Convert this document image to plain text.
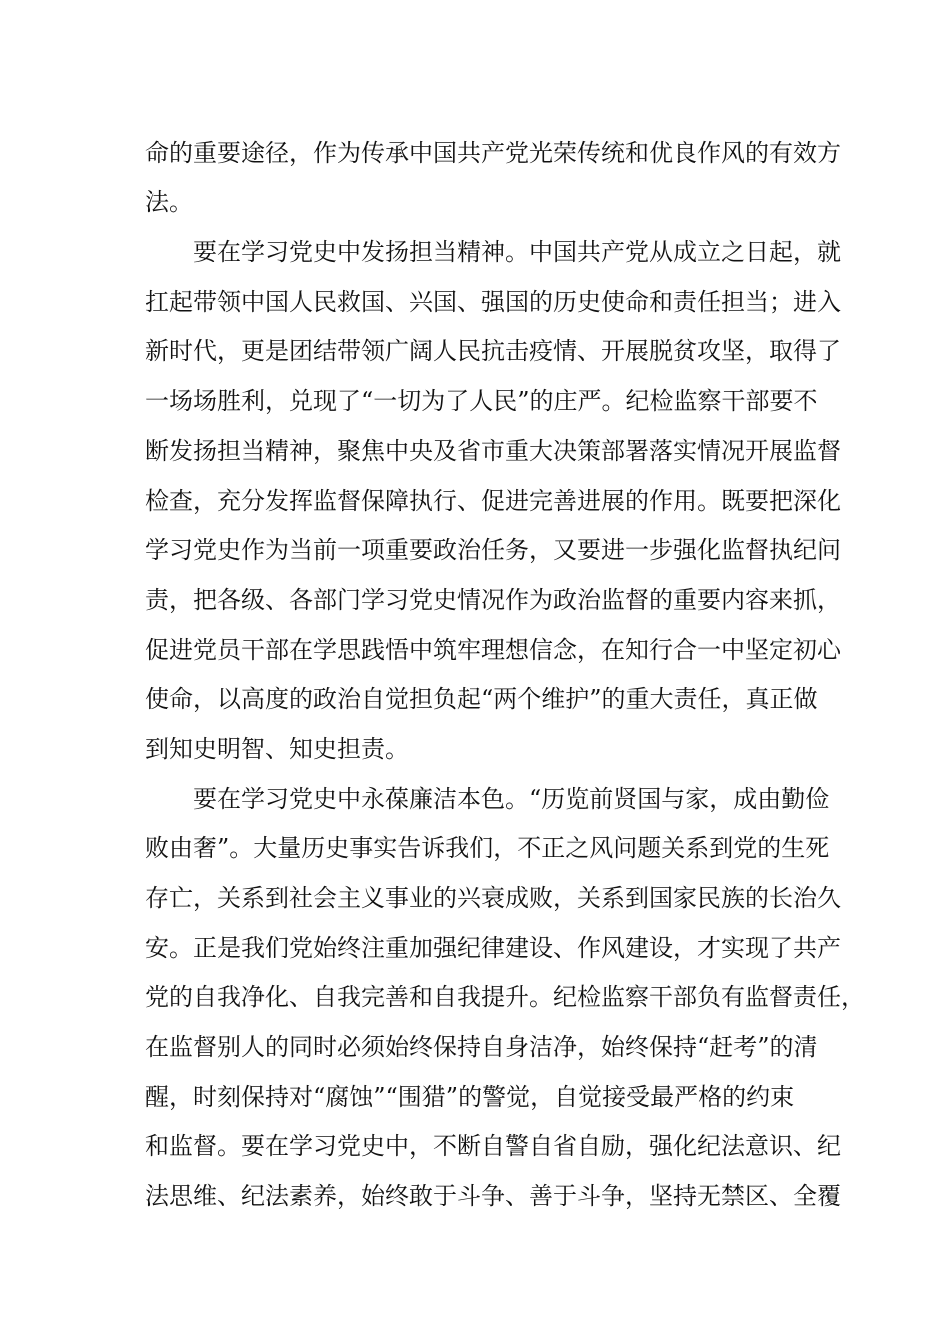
命的重要途径，作为传承中国共产党光荣传统和优良作风的有效方

法。

要在学习党史中发扬担当精神。中国共产党从成立之日起，就

扛起带领中国人民救国、兴国、强国的历史使命和责任担当；进入

新时代，更是团结带领广阔人民抗击疫情、开展脱贫攻坚，取得了

一场场胜利，兑现了“一切为了人民”的庄严。纪检监察干部要不

断发扬担当精神，聚焦中央及省市重大决策部署落实情况开展监督

检查，充分发挥监督保障执行、促进完善进展的作用。既要把深化

学习党史作为当前一项重要政治任务，又要进一步强化监督执纪问

责，把各级、各部门学习党史情况作为政治监督的重要内容来抓，

促进党员干部在学思践悟中筑牢理想信念，在知行合一中坚定初心

使命，以高度的政治自觉担负起“两个维护”的重大责任，真正做

到知史明智、知史担责。

要在学习党史中永葆廉洁本色。“历览前贤国与家，成由勤俭

败由奢”。大量历史事实告诉我们，不正之风问题关系到党的生死

存亡，关系到社会主义事业的兴衰成败，关系到国家民族的长治久

安。正是我们党始终注重加强纪律建设、作风建设，才实现了共产

党的自我净化、自我完善和自我提升。纪检监察干部负有监督责任，

在监督别人的同时必须始终保持自身洁净，始终保持“赶考”的清

醒，时刻保持对“腐蚀”“围猎”的警觉，自觉接受最严格的约束

和监督。要在学习党史中，不断自警自省自励，强化纪法意识、纪

法思维、纪法素养，始终敢于斗争、善于斗争，坚持无禁区、全覆
